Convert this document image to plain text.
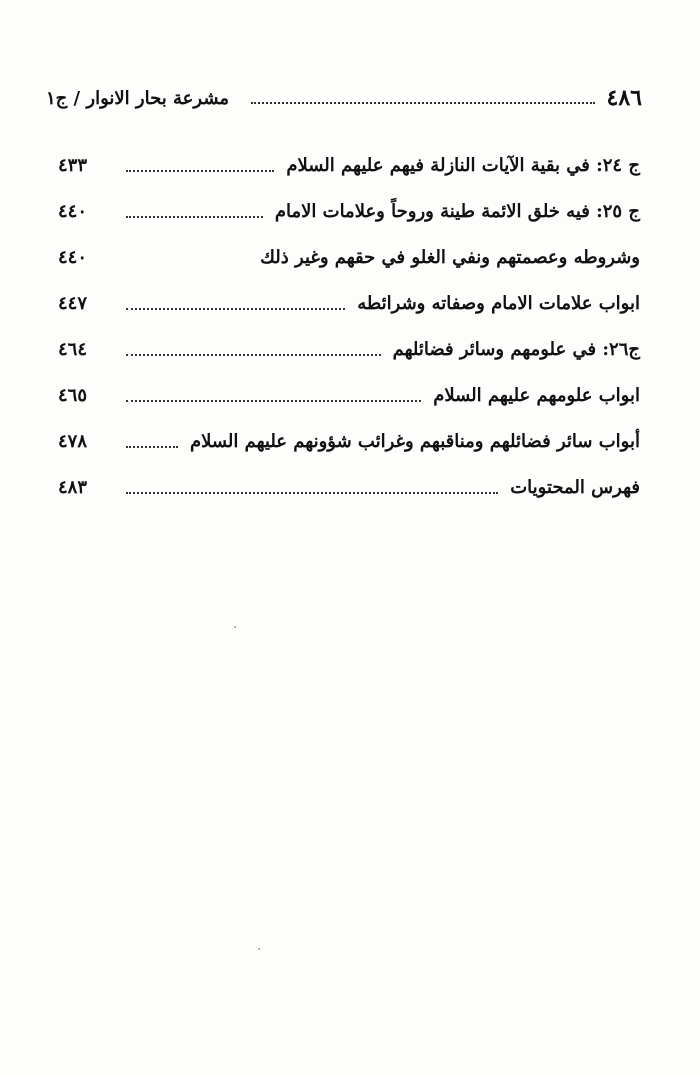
٤٨٦
مشرعة بحار الانوار / ج١
ج ٢٤: في بقية الآيات النازلة فيهم عليهم السلام
٤٣٣
ج ٢٥: فيه خلق الائمة طينة وروحاً وعلامات الامام
٤٤٠
وشروطه وعصمتهم ونفي الغلو في حقهم وغير ذلك
٤٤٠
ابواب علامات الامام وصفاته وشرائطه
٤٤٧
ج٢٦: في علومهم وسائر فضائلهم
٤٦٤
ابواب علومهم عليهم السلام
٤٦٥
أبواب سائر فضائلهم ومناقبهم وغرائب شؤونهم عليهم السلام
٤٧٨
فهرس المحتويات
٤٨٣
